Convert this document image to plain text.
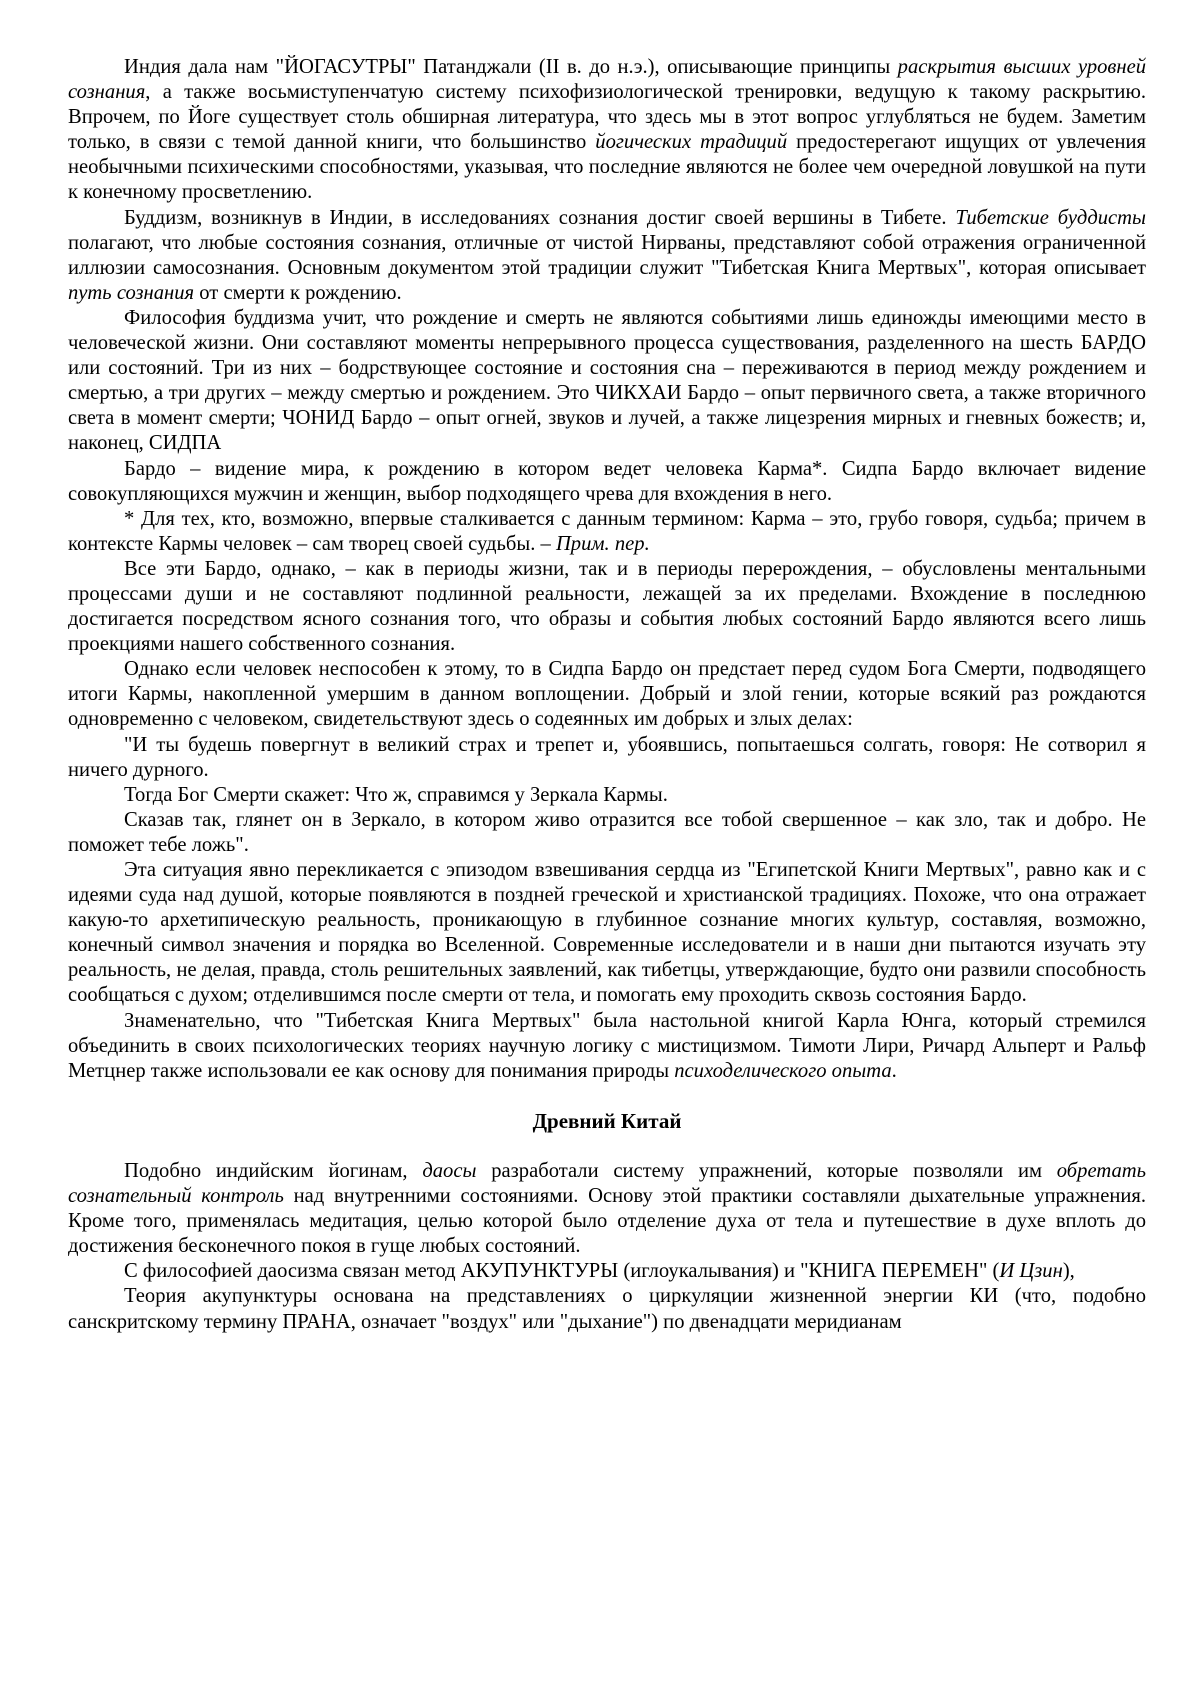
Индия дала нам "ЙОГАСУТРЫ" Патанджали (II в. до н.э.), описывающие принципы раскрытия высших уровней сознания, а также восьмиступенчатую систему психофизиологической тренировки, ведущую к такому раскрытию. Впрочем, по Йоге существует столь обширная литература, что здесь мы в этот вопрос углубляться не будем. Заметим только, в связи с темой данной книги, что большинство йогических традиций предостерегают ищущих от увлечения необычными психическими способностями, указывая, что последние являются не более чем очередной ловушкой на пути к конечному просветлению.

Буддизм, возникнув в Индии, в исследованиях сознания достиг своей вершины в Тибете. Тибетские буддисты полагают, что любые состояния сознания, отличные от чистой Нирваны, представляют собой отражения ограниченной иллюзии самосознания. Основным документом этой традиции служит "Тибетская Книга Мертвых", которая описывает путь сознания от смерти к рождению.

Философия буддизма учит, что рождение и смерть не являются событиями лишь единожды имеющими место в человеческой жизни. Они составляют моменты непрерывного процесса существования, разделенного на шесть БАРДО или состояний. Три из них – бодрствующее состояние и состояния сна – переживаются в период между рождением и смертью, а три других – между смертью и рождением. Это ЧИКХАИ Бардо – опыт первичного света, а также вторичного света в момент смерти; ЧОНИД Бардо – опыт огней, звуков и лучей, а также лицезрения мирных и гневных божеств; и, наконец, СИДПА

Бардо – видение мира, к рождению в котором ведет человека Карма*. Сидпа Бардо включает видение совокупляющихся мужчин и женщин, выбор подходящего чрева для вхождения в него.

* Для тех, кто, возможно, впервые сталкивается с данным термином: Карма – это, грубо говоря, судьба; причем в контексте Кармы человек – сам творец своей судьбы. – Прим. пер.

Все эти Бардо, однако, – как в периоды жизни, так и в периоды перерождения, – обусловлены ментальными процессами души и не составляют подлинной реальности, лежащей за их пределами. Вхождение в последнюю достигается посредством ясного сознания того, что образы и события любых состояний Бардо являются всего лишь проекциями нашего собственного сознания.

Однако если человек неспособен к этому, то в Сидпа Бардо он предстает перед судом Бога Смерти, подводящего итоги Кармы, накопленной умершим в данном воплощении. Добрый и злой гении, которые всякий раз рождаются одновременно с человеком, свидетельствуют здесь о содеянных им добрых и злых делах:

"И ты будешь повергнут в великий страх и трепет и, убоявшись, попытаешься солгать, говоря: Не сотворил я ничего дурного.

Тогда Бог Смерти скажет: Что ж, справимся у Зеркала Кармы.

Сказав так, глянет он в Зеркало, в котором живо отразится все тобой свершенное – как зло, так и добро. Не поможет тебе ложь".

Эта ситуация явно перекликается с эпизодом взвешивания сердца из "Египетской Книги Мертвых", равно как и с идеями суда над душой, которые появляются в поздней греческой и христианской традициях. Похоже, что она отражает какую-то архетипическую реальность, проникающую в глубинное сознание многих культур, составляя, возможно, конечный символ значения и порядка во Вселенной. Современные исследователи и в наши дни пытаются изучать эту реальность, не делая, правда, столь решительных заявлений, как тибетцы, утверждающие, будто они развили способность сообщаться с духом; отделившимся после смерти от тела, и помогать ему проходить сквозь состояния Бардо.

Знаменательно, что "Тибетская Книга Мертвых" была настольной книгой Карла Юнга, который стремился объединить в своих психологических теориях научную логику с мистицизмом. Тимоти Лири, Ричард Альперт и Ральф Метцнер также использовали ее как основу для понимания природы психоделического опыта.

Древний Китай

Подобно индийским йогинам, даосы разработали систему упражнений, которые позволяли им обретать сознательный контроль над внутренними состояниями. Основу этой практики составляли дыхательные упражнения. Кроме того, применялась медитация, целью которой было отделение духа от тела и путешествие в духе вплоть до достижения бесконечного покоя в гуще любых состояний.

С философией даосизма связан метод АКУПУНКТУРЫ (иглоукалывания) и "КНИГА ПЕРЕМЕН" (И Цзин),

Теория акупунктуры основана на представлениях о циркуляции жизненной энергии КИ (что, подобно санскритскому термину ПРАНА, означает "воздух" или "дыхание") по двенадцати меридианам
